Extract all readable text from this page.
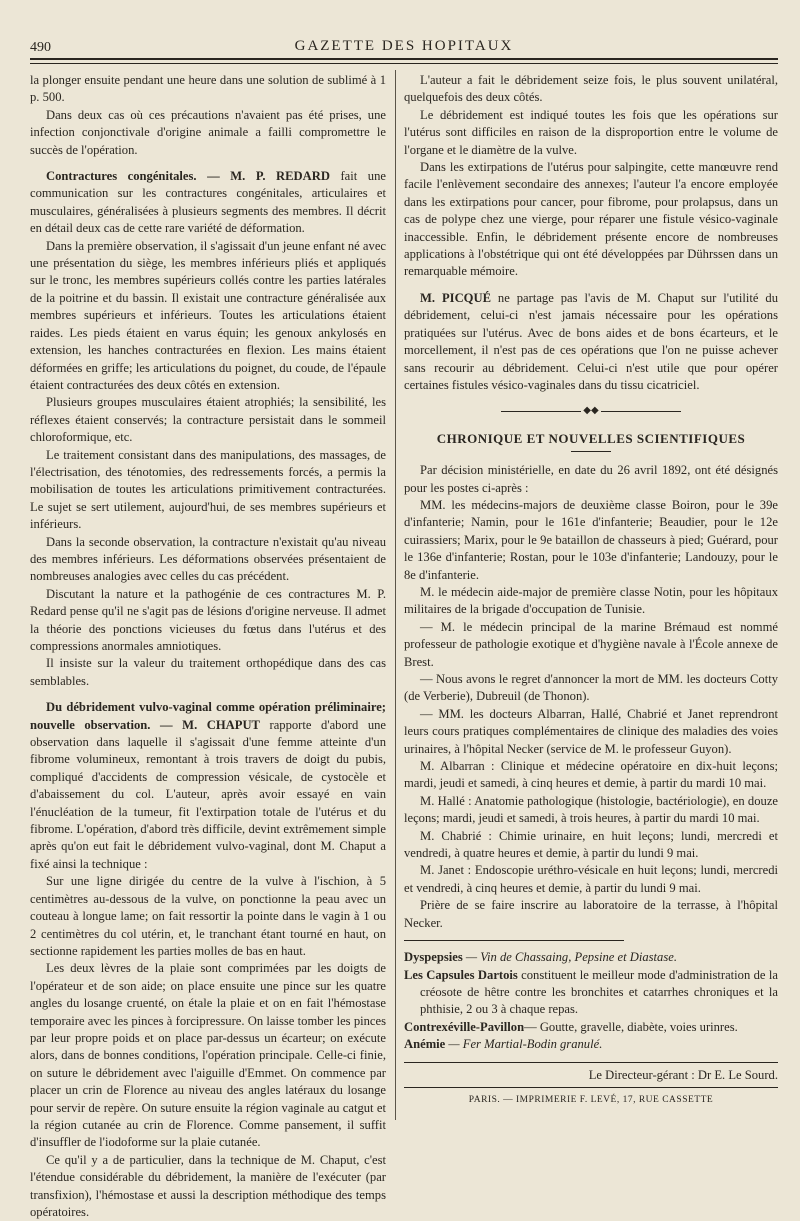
490	GAZETTE DES HOPITAUX

la plonger ensuite pendant une heure dans une solution de sublimé à 1 p. 500.

Dans deux cas où ces précautions n'avaient pas été prises, une infection conjonctivale d'origine animale a failli compromettre le succès de l'opération.

Contractures congénitales. — M. P. REDARD fait une communication sur les contractures congénitales, articulaires et musculaires, généralisées à plusieurs segments des membres. Il décrit en détail deux cas de cette rare variété de déformation.

Dans la première observation, il s'agissait d'un jeune enfant né avec une présentation du siège, les membres inférieurs pliés et appliqués sur le tronc, les membres supérieurs collés contre les parties latérales de la poitrine et du bassin. Il existait une contracture généralisée aux membres supérieurs et inférieurs. Toutes les articulations étaient raides. Les pieds étaient en varus équin; les genoux ankylosés en extension, les hanches contracturées en flexion. Les mains étaient déformées en griffe; les articulations du poignet, du coude, de l'épaule étaient contracturées des deux côtés en extension.

Plusieurs groupes musculaires étaient atrophiés; la sensibilité, les réflexes étaient conservés; la contracture persistait dans le sommeil chloroformique, etc.

Le traitement consistant dans des manipulations, des massages, de l'électrisation, des ténotomies, des redressements forcés, a permis la mobilisation de toutes les articulations primitivement contracturées. Le sujet se sert utilement, aujourd'hui, de ses membres supérieurs et inférieurs.

Dans la seconde observation, la contracture n'existait qu'au niveau des membres inférieurs. Les déformations observées présentaient de nombreuses analogies avec celles du cas précédent.

Discutant la nature et la pathogénie de ces contractures M. P. Redard pense qu'il ne s'agit pas de lésions d'origine nerveuse. Il admet la théorie des ponctions vicieuses du fœtus dans l'utérus et des compressions anormales amniotiques.

Il insiste sur la valeur du traitement orthopédique dans des cas semblables.

Du débridement vulvo-vaginal comme opération préliminaire; nouvelle observation. — M. CHAPUT rapporte d'abord une observation dans laquelle il s'agissait d'une femme atteinte d'un fibrome volumineux, remontant à trois travers de doigt du pubis, compliqué d'accidents de compression vésicale, de cystocèle et d'abaissement du col. L'auteur, après avoir essayé en vain l'énucléation de la tumeur, fit l'extirpation totale de l'utérus et du fibrome. L'opération, d'abord très difficile, devint extrêmement simple après qu'on eut fait le débridement vulvo-vaginal, dont M. Chaput a fixé ainsi la technique :

Sur une ligne dirigée du centre de la vulve à l'ischion, à 5 centimètres au-dessous de la vulve, on ponctionne la peau avec un couteau à longue lame; on fait ressortir la pointe dans le vagin à 1 ou 2 centimètres du col utérin, et, le tranchant étant tourné en haut, on sectionne rapidement les parties molles de bas en haut.

Les deux lèvres de la plaie sont comprimées par les doigts de l'opérateur et de son aide; on place ensuite une pince sur les quatre angles du losange cruenté, on étale la plaie et on en fait l'hémostase temporaire avec les pinces à forcipressure. On laisse tomber les pinces par leur propre poids et on place par-dessus un écarteur; on exécute alors, dans de bonnes conditions, l'opération principale. Celle-ci finie, on suture le débridement avec l'aiguille d'Emmet. On commence par placer un crin de Florence au niveau des angles latéraux du losange pour servir de repère. On suture ensuite la région vaginale au catgut et la région cutanée au crin de Florence. Comme pansement, il suffit d'insuffler de l'iodoforme sur la plaie cutanée.

Ce qu'il y a de particulier, dans la technique de M. Chaput, c'est l'étendue considérable du débridement, la manière de l'exécuter (par transfixion), l'hémostase et aussi la description méthodique des temps opératoires.

L'auteur a fait le débridement seize fois, le plus souvent unilatéral, quelquefois des deux côtés.

Le débridement est indiqué toutes les fois que les opérations sur l'utérus sont difficiles en raison de la disproportion entre le volume de l'organe et le diamètre de la vulve.

Dans les extirpations de l'utérus pour salpingite, cette manœuvre rend facile l'enlèvement secondaire des annexes; l'auteur l'a encore employée dans les extirpations pour cancer, pour fibrome, pour prolapsus, dans un cas de polype chez une vierge, pour réparer une fistule vésico-vaginale inaccessible. Enfin, le débridement présente encore de nombreuses applications à l'obstétrique qui ont été développées par Dührssen dans un remarquable mémoire.

M. PICQUÉ ne partage pas l'avis de M. Chaput sur l'utilité du débridement, celui-ci n'est jamais nécessaire pour les opérations pratiquées sur l'utérus. Avec de bons aides et de bons écarteurs, et le morcellement, il n'est pas de ces opérations que l'on ne puisse achever sans recourir au débridement. Celui-ci n'est utile que pour opérer certaines fistules vésico-vaginales dans du tissu cicatriciel.

◆◆
CHRONIQUE ET NOUVELLES SCIENTIFIQUES

Par décision ministérielle, en date du 26 avril 1892, ont été désignés pour les postes ci-après :

MM. les médecins-majors de deuxième classe Boiron, pour le 39e d'infanterie; Namin, pour le 161e d'infanterie; Beaudier, pour le 12e cuirassiers; Marix, pour le 9e bataillon de chasseurs à pied; Guérard, pour le 136e d'infanterie; Rostan, pour le 103e d'infanterie; Landouzy, pour le 8e d'infanterie.

M. le médecin aide-major de première classe Notin, pour les hôpitaux militaires de la brigade d'occupation de Tunisie.

— M. le médecin principal de la marine Brémaud est nommé professeur de pathologie exotique et d'hygiène navale à l'École annexe de Brest.

— Nous avons le regret d'annoncer la mort de MM. les docteurs Cotty (de Verberie), Dubreuil (de Thonon).

— MM. les docteurs Albarran, Hallé, Chabrié et Janet reprendront leurs cours pratiques complémentaires de clinique des maladies des voies urinaires, à l'hôpital Necker (service de M. le professeur Guyon).

M. Albarran : Clinique et médecine opératoire en dix-huit leçons; mardi, jeudi et samedi, à cinq heures et demie, à partir du mardi 10 mai.

M. Hallé : Anatomie pathologique (histologie, bactériologie), en douze leçons; mardi, jeudi et samedi, à trois heures, à partir du mardi 10 mai.

M. Chabrié : Chimie urinaire, en huit leçons; lundi, mercredi et vendredi, à quatre heures et demie, à partir du lundi 9 mai.

M. Janet : Endoscopie uréthro-vésicale en huit leçons; lundi, mercredi et vendredi, à cinq heures et demie, à partir du lundi 9 mai.

Prière de se faire inscrire au laboratoire de la terrasse, à l'hôpital Necker.

Dyspepsies — Vin de Chassaing, Pepsine et Diastase.

Les Capsules Dartois constituent le meilleur mode d'administration de la créosote de hêtre contre les bronchites et catarrhes chroniques et la phthisie, 2 ou 3 à chaque repas.

Contrexéville-Pavillon— Goutte, gravelle, diabète, voies urinres.

Anémie — Fer Martial-Bodin granulé.

Le Directeur-gérant : Dr E. Le Sourd.
PARIS. — IMPRIMERIE F. LEVÉ, 17, RUE CASSETTE
